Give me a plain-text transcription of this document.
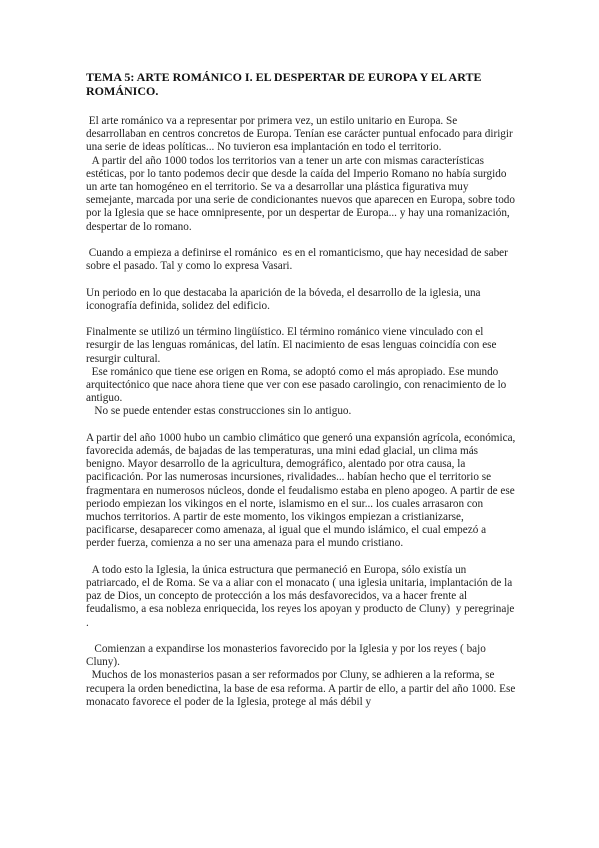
TEMA 5: ARTE ROMÁNICO I. EL DESPERTAR DE EUROPA Y EL ARTE ROMÁNICO.

El arte románico va a representar por primera vez, un estilo unitario en Europa. Se desarrollaban en centros concretos de Europa. Tenían ese carácter puntual enfocado para dirigir una serie de ideas políticas... No tuvieron esa implantación en todo el territorio.

A partir del año 1000 todos los territorios van a tener un arte con mismas características estéticas, por lo tanto podemos decir que desde la caída del Imperio Romano no había surgido un arte tan homogéneo en el territorio. Se va a desarrollar una plástica figurativa muy semejante, marcada por una serie de condicionantes nuevos que aparecen en Europa, sobre todo por la Iglesia que se hace omnipresente, por un despertar de Europa... y hay una romanización, despertar de lo romano.

Cuando a empieza a definirse el románico  es en el romanticismo, que hay necesidad de saber sobre el pasado. Tal y como lo expresa Vasari.

Un periodo en lo que destacaba la aparición de la bóveda, el desarrollo de la iglesia, una iconografía definida, solidez del edificio.

Finalmente se utilizó un término lingüístico. El término románico viene vinculado con el resurgir de las lenguas románicas, del latín. El nacimiento de esas lenguas coincidía con ese resurgir cultural.

Ese románico que tiene ese origen en Roma, se adoptó como el más apropiado. Ese mundo arquitectónico que nace ahora tiene que ver con ese pasado carolingio, con renacimiento de lo antiguo.

No se puede entender estas construcciones sin lo antiguo.

A partir del año 1000 hubo un cambio climático que generó una expansión agrícola, económica, favorecida además, de bajadas de las temperaturas, una mini edad glacial, un clima más benigno. Mayor desarrollo de la agricultura, demográfico, alentado por otra causa, la pacificación. Por las numerosas incursiones, rivalidades... habían hecho que el territorio se fragmentara en numerosos núcleos, donde el feudalismo estaba en pleno apogeo. A partir de ese periodo empiezan los vikingos en el norte, islamismo en el sur... los cuales arrasaron con muchos territorios. A partir de este momento, los vikingos empiezan a cristianizarse, pacificarse, desaparecer como amenaza, al igual que el mundo islámico, el cual empezó a perder fuerza, comienza a no ser una amenaza para el mundo cristiano.

A todo esto la Iglesia, la única estructura que permaneció en Europa, sólo existía un patriarcado, el de Roma. Se va a aliar con el monacato ( una iglesia unitaria, implantación de la paz de Dios, un concepto de protección a los más desfavorecidos, va a hacer frente al feudalismo, a esa nobleza enriquecida, los reyes los apoyan y producto de Cluny)  y peregrinaje  .

Comienzan a expandirse los monasterios favorecido por la Iglesia y por los reyes ( bajo Cluny).

Muchos de los monasterios pasan a ser reformados por Cluny, se adhieren a la reforma, se recupera la orden benedictina, la base de esa reforma. A partir de ello, a partir del año 1000. Ese monacato favorece el poder de la Iglesia, protege al más débil y
